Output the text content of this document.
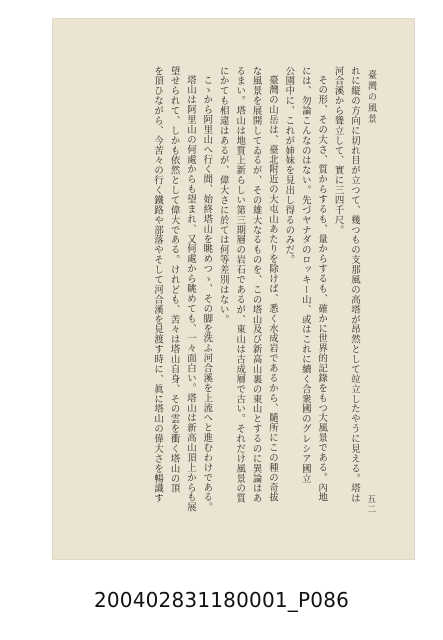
臺灣の風景

れに縦の方向に切れ目が立つて、幾つもの支那風の高塔が昂然として竝立したやうに見える。塔は

河合溪から聳立して、實に三四千尺。

その形、その大さ、質からするも、量からするも、確かに世界的記錄をもつ大風景である。內地

には、勿論こんなのはない。先づヤナダのロッキー山、或はこれに續く合衆國のグレシア國立

公園中に、これが姉妹を見出し得るのみだ。

臺灣の山岳は、臺北附近の大屯山あたりを除けば、悉く水成岩であるから、隨所にこの種の奇拔

な風景を展開してゐるが、その雄大なるものを、この塔山及び新高山裏の東山とするのに異論はあ

るまい。塔山は地質上新らしい第三期層の岩石であるが、東山は古成層で古い。それだけ風景の質

にかても相違はあるが、偉大さに於ては何等差別はない。

こゝから阿里山へ行く間、始終塔山を眺めつゝ、その脚を洗ふ河合溪を上流へと進むわけである。

塔山は阿里山の何處からも望まれ、又何處から眺めても、一々面白い。塔山は新高山頂上からも展

望せられて、しかも依然として偉大である。けれども、苦々は塔山自身、その雲を衝く塔山の頂

を頂ひながら、今苦々の行く鐵路や部落やそして河合溪を見渡す時に、眞に塔山の偉大さを暢識す

五二
200402831180001_P086
